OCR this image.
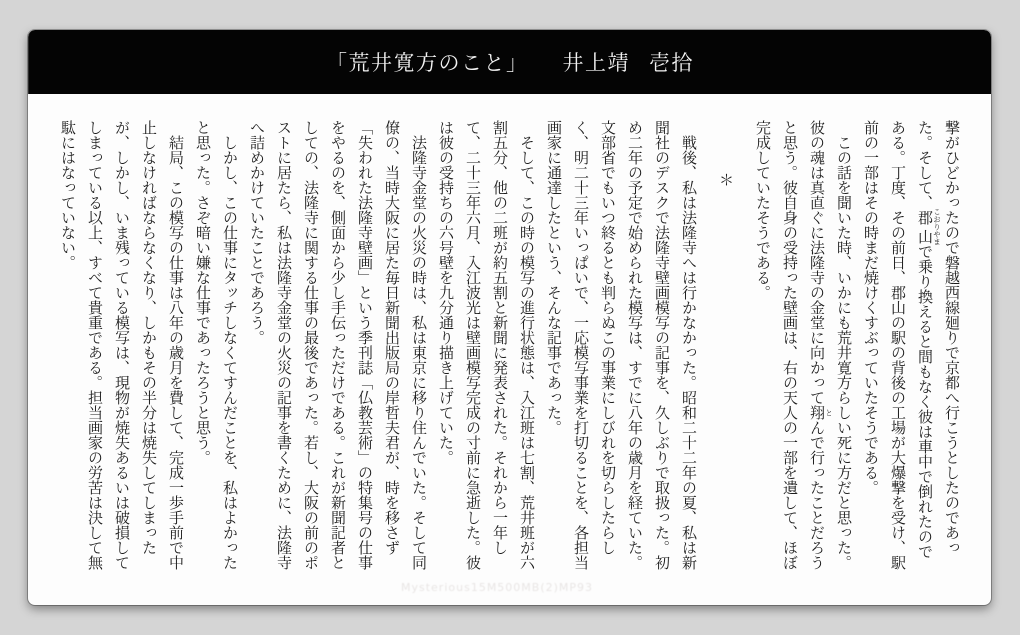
「荒井寛方のこと」 井上靖 壱拾

撃がひどかったので磐越西線廻りで京都へ行こうとしたのであった。そして、郡山こおりやまで乗り換えると間もなく彼は車中で倒れたのである。丁度、その前日、郡山の駅の背後の工場が大爆撃を受け、駅前の一部はその時まだ焼けくすぶっていたそうである。

この話を聞いた時、いかにも荒井寛方らしい死に方だと思った。彼の魂は真直ぐに法隆寺の金堂に向かって翔とんで行ったことだろうと思う。彼自身の受持った壁画は、右の天人の一部を遺して、ほぼ完成していたそうである。

＊

戦後、私は法隆寺へは行かなかった。昭和二十二年の夏、私は新聞社のデスクで法隆寺壁画模写の記事を、久しぶりで取扱った。初め二年の予定で始められた模写は、すでに八年の歳月を経ていた。文部省でもいつ終るとも判らぬこの事業にしびれを切らしたらしく、明二十三年いっぱいで、一応模写事業を打切ることを、各担当画家に通達したという、そんな記事であった。

そして、この時の模写の進行状態は、入江班は七割、荒井班が六割五分、他の二班が約五割と新聞に発表された。それから一年して、二十三年六月、入江波光は壁画模写完成の寸前に急逝した。彼は彼の受持ちの六号壁を九分通り描き上げていた。

法隆寺金堂の火災の時は、私は東京に移り住んでいた。そして同僚の、当時大阪に居た毎日新聞出版局の岸哲夫君が、時を移さず「失われた法隆寺壁画」という季刊誌「仏教芸術」の特集号の仕事をやるのを、側面から少し手伝っただけである。これが新聞記者としての、法隆寺に関する仕事の最後であった。若し、大阪の前のポストに居たら、私は法隆寺金堂の火災の記事を書くために、法隆寺へ詰めかけていたことであろう。

しかし、この仕事にタッチしなくてすんだことを、私はよかったと思った。さぞ暗い嫌な仕事であったろうと思う。

結局、この模写の仕事は八年の歳月を費して、完成一歩手前で中止しなければならなくなり、しかもその半分は焼失してしまったが、しかし、いま残っている模写は、現物が焼失あるいは破損してしまっている以上、すべて貴重である。担当画家の労苦は決して無駄にはなっていない。

Mysterious15M500MB(2)MP93
